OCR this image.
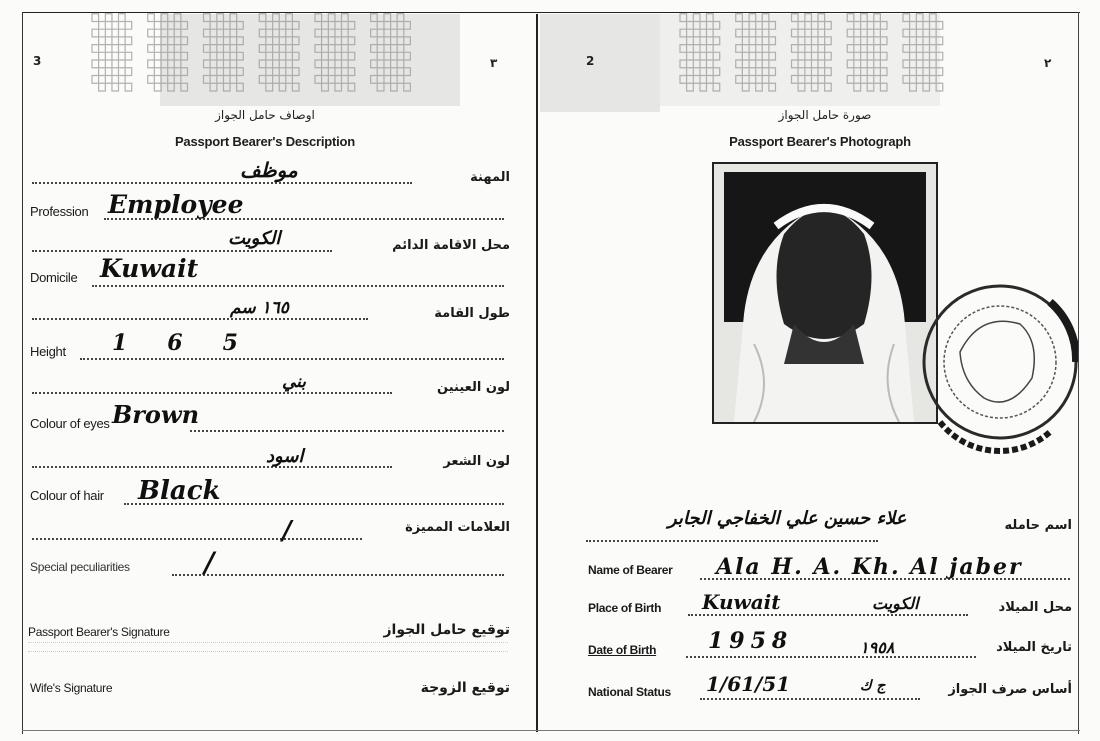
▒▒▒▒▒▒	▒▒▒▒▒
3	٣	2	٢
اوصاف حامل الجواز
Passport Bearer's Description
المهنة
موظف
Profession Employee
محل الاقامة الدائم
الكويت
Domicile Kuwait
طول القامة
١٦٥ سم
Height 165
لون العينين
بني
Colour of eyes Brown
لون الشعر
اسود
Colour of hair Black
العلامات المميزة
/
Special peculiarities	/
Passport Bearer's Signature	توقيع حامل الجواز
Wife's Signature	توقيع الزوجة
صورة حامل الجواز
Passport Bearer's Photograph
اسم حامله
علاء حسين علي الخفاجي الجابر
Name of Bearer Ala H. A. Kh. Al jaber
Place of Birth Kuwait	الكويت	محل الميلاد
Date of Birth 1958	١٩٥٨	تاريخ الميلاد
National Status 1/61/51	ج ك	أساس صرف الجواز
